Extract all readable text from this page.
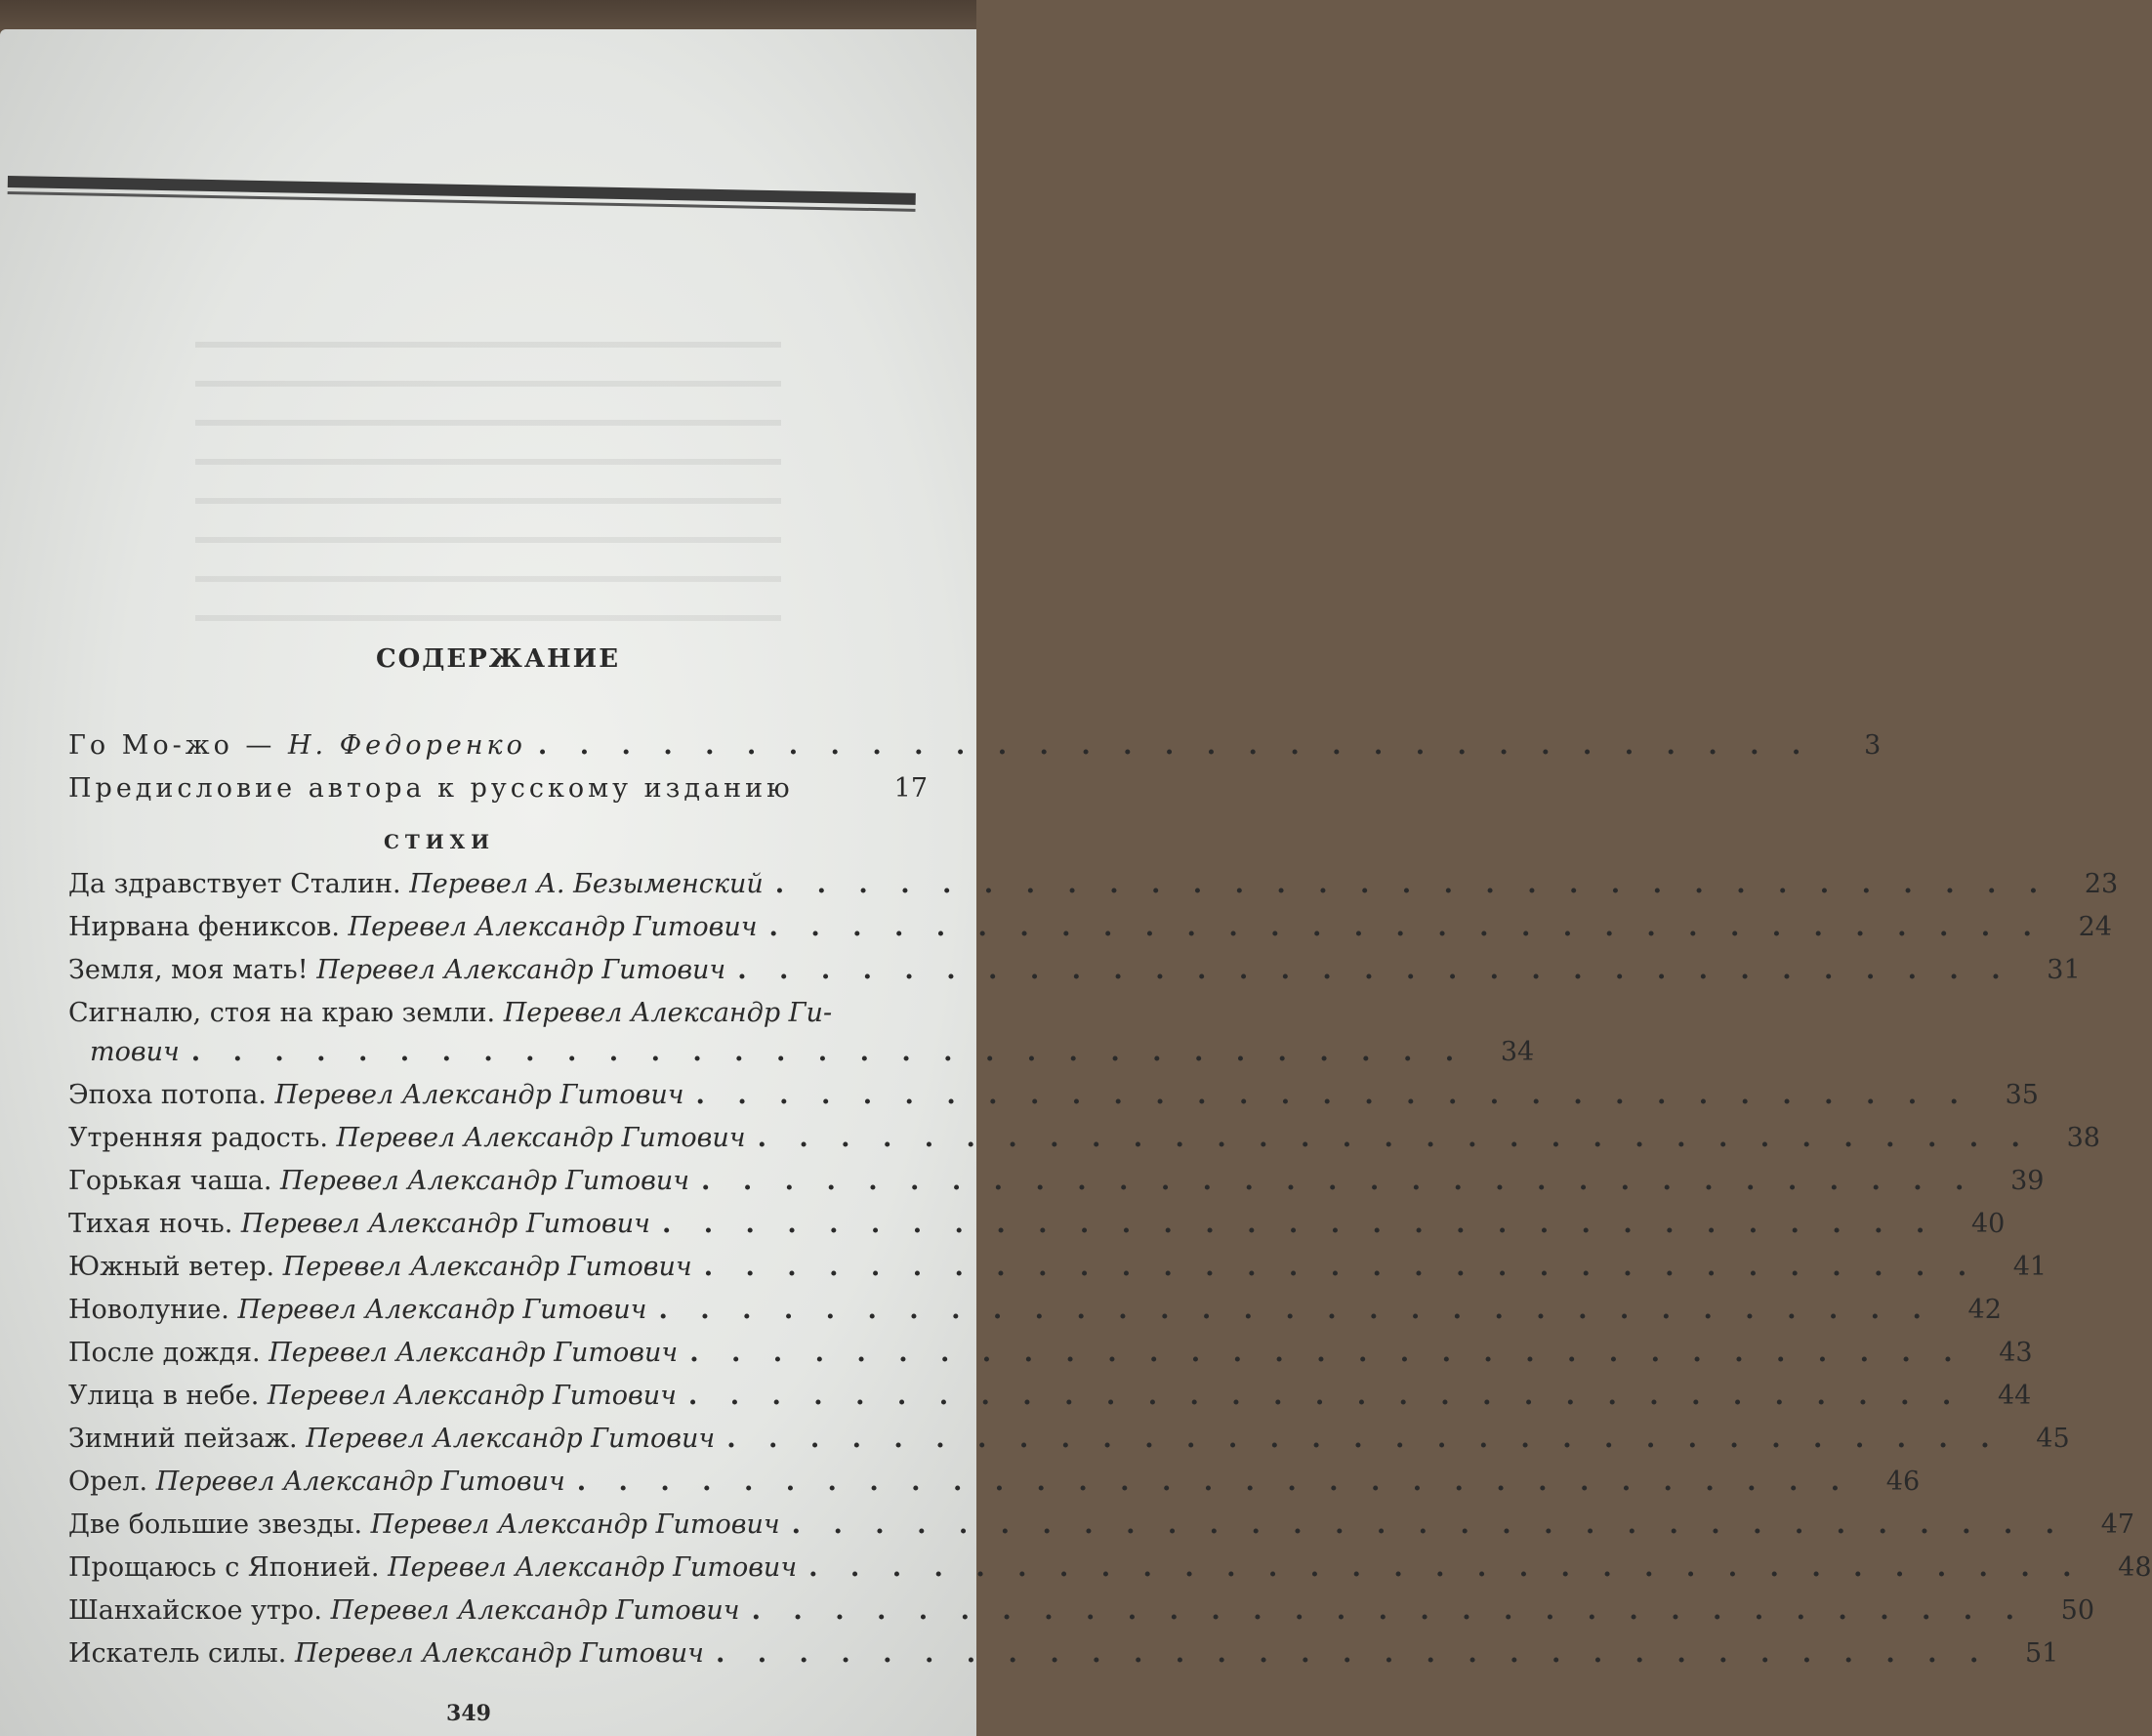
СОДЕРЖАНИЕ
Го Мо-жо — Н. Федоренко . . . . . . . . . . . . . . . . . . . . . . . . . . . . . . .	3
Предисловие автора к русскому изданию	17
СТИХИ
Да здравствует Сталин. Перевел А. Безыменский . . . . . . . . . . . . . . . . . . . . . . . . . . . . . . .	23
Нирвана фениксов. Перевел Александр Гитович . . . . . . . . . . . . . . . . . . . . . . . . . . . . . . .	24
Земля, моя мать! Перевел Александр Гитович . . . . . . . . . . . . . . . . . . . . . . . . . . . . . . .	31
Сигналю, стоя на краю земли. Перевел Александр Ги-
тович . . . . . . . . . . . . . . . . . . . . . . . . . . . . . . .	34
Эпоха потопа. Перевел Александр Гитович . . . . . . . . . . . . . . . . . . . . . . . . . . . . . . .	35
Утренняя радость. Перевел Александр Гитович . . . . . . . . . . . . . . . . . . . . . . . . . . . . . . .	38
Горькая чаша. Перевел Александр Гитович . . . . . . . . . . . . . . . . . . . . . . . . . . . . . . .	39
Тихая ночь. Перевел Александр Гитович . . . . . . . . . . . . . . . . . . . . . . . . . . . . . . .	40
Южный ветер. Перевел Александр Гитович . . . . . . . . . . . . . . . . . . . . . . . . . . . . . . .	41
Новолуние. Перевел Александр Гитович . . . . . . . . . . . . . . . . . . . . . . . . . . . . . . .	42
После дождя. Перевел Александр Гитович . . . . . . . . . . . . . . . . . . . . . . . . . . . . . . .	43
Улица в небе. Перевел Александр Гитович . . . . . . . . . . . . . . . . . . . . . . . . . . . . . . .	44
Зимний пейзаж. Перевел Александр Гитович . . . . . . . . . . . . . . . . . . . . . . . . . . . . . . .	45
Орел. Перевел Александр Гитович . . . . . . . . . . . . . . . . . . . . . . . . . . . . . . .	46
Две большие звезды. Перевел Александр Гитович . . . . . . . . . . . . . . . . . . . . . . . . . . . . . . .	47
Прощаюсь с Японией. Перевел Александр Гитович . . . . . . . . . . . . . . . . . . . . . . . . . . . . . . .	48
Шанхайское утро. Перевел Александр Гитович . . . . . . . . . . . . . . . . . . . . . . . . . . . . . . .	50
Искатель силы. Перевел Александр Гитович . . . . . . . . . . . . . . . . . . . . . . . . . . . . . . .	51
349
